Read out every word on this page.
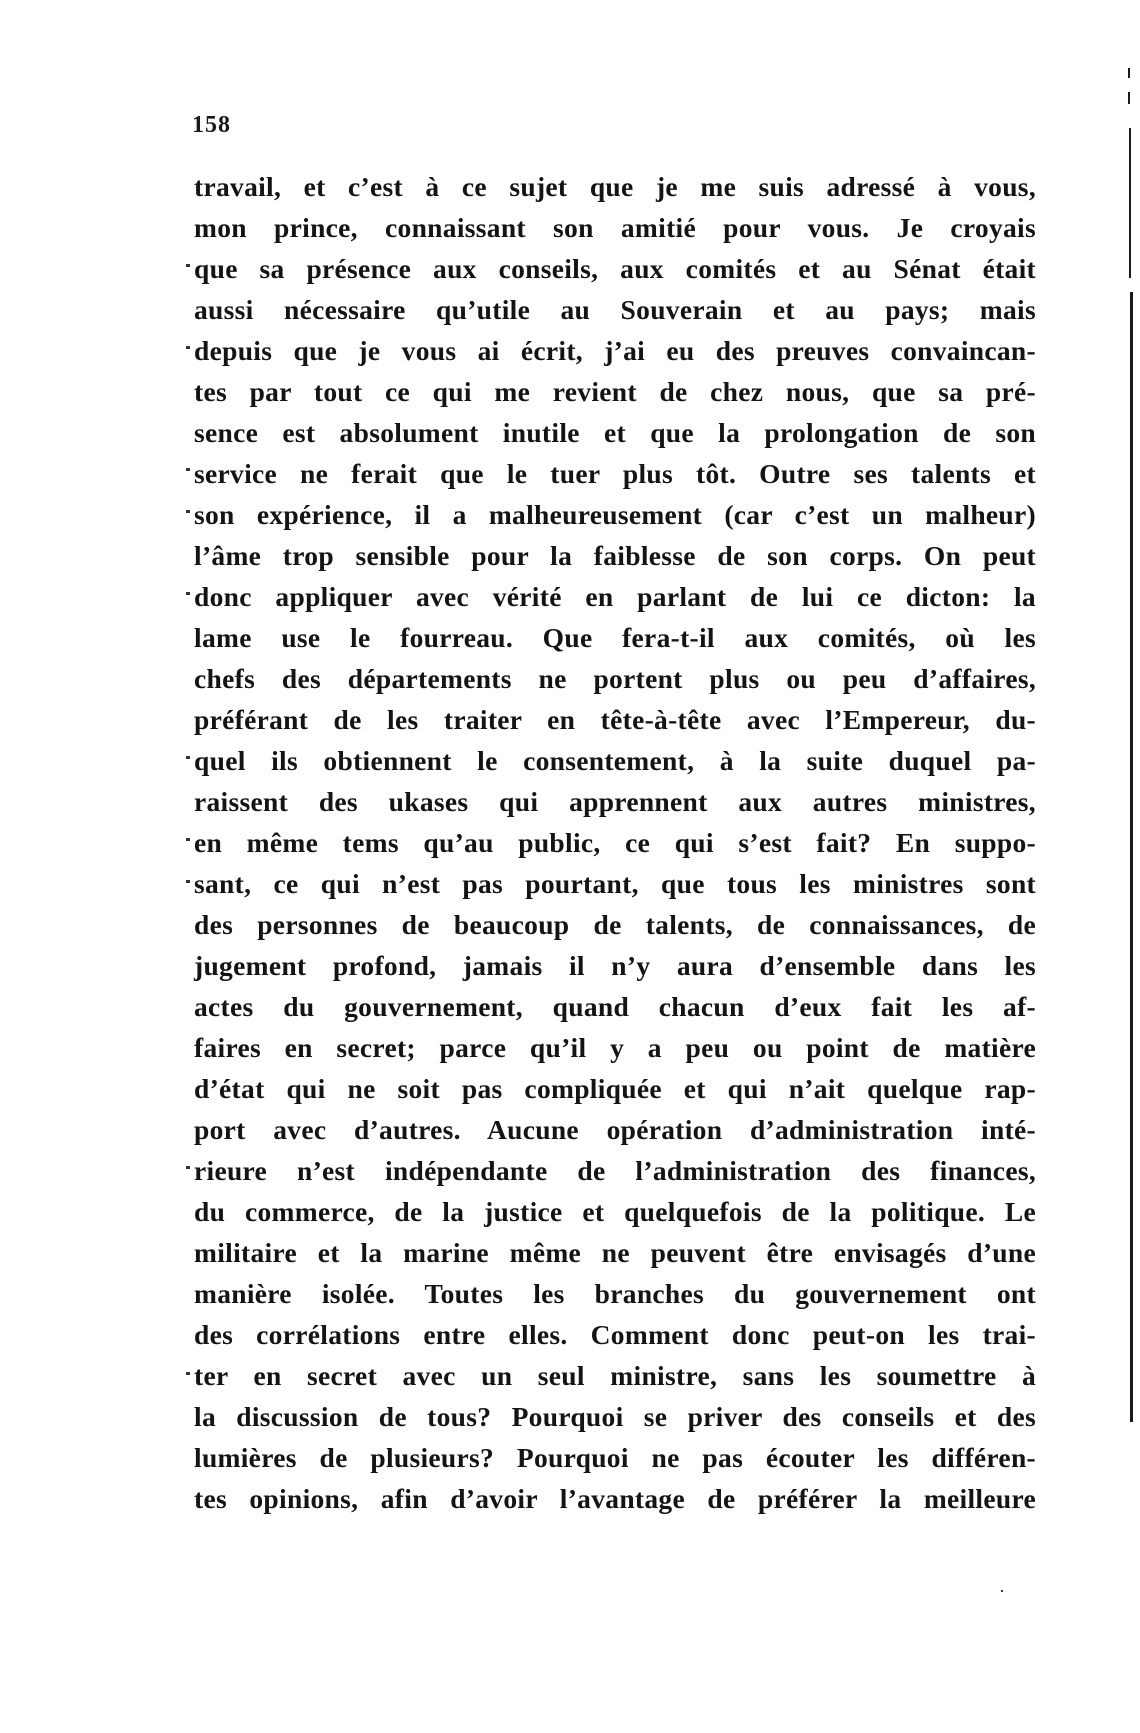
158
travail, et c’est à ce sujet que je me suis adressé à vous,
mon prince, connaissant son amitié pour vous. Je croyais
que sa présence aux conseils, aux comités et au Sénat était
aussi nécessaire qu’utile au Souverain et au pays; mais
depuis que je vous ai écrit, j’ai eu des preuves convaincan-
tes par tout ce qui me revient de chez nous, que sa pré-
sence est absolument inutile et que la prolongation de son
service ne ferait que le tuer plus tôt. Outre ses talents et
son expérience, il a malheureusement (car c’est un malheur)
l’âme trop sensible pour la faiblesse de son corps. On peut
donc appliquer avec vérité en parlant de lui ce dicton: la
lame use le fourreau. Que fera-t-il aux comités, où les
chefs des départements ne portent plus ou peu d’affaires,
préférant de les traiter en tête-à-tête avec l’Empereur, du-
quel ils obtiennent le consentement, à la suite duquel pa-
raissent des ukases qui apprennent aux autres ministres,
en même tems qu’au public, ce qui s’est fait? En suppo-
sant, ce qui n’est pas pourtant, que tous les ministres sont
des personnes de beaucoup de talents, de connaissances, de
jugement profond, jamais il n’y aura d’ensemble dans les
actes du gouvernement, quand chacun d’eux fait les af-
faires en secret; parce qu’il y a peu ou point de matière
d’état qui ne soit pas compliquée et qui n’ait quelque rap-
port avec d’autres. Aucune opération d’administration inté-
rieure n’est indépendante de l’administration des finances,
du commerce, de la justice et quelquefois de la politique. Le
militaire et la marine même ne peuvent être envisagés d’une
manière isolée. Toutes les branches du gouvernement ont
des corrélations entre elles. Comment donc peut-on les trai-
ter en secret avec un seul ministre, sans les soumettre à
la discussion de tous? Pourquoi se priver des conseils et des
lumières de plusieurs? Pourquoi ne pas écouter les différen-
tes opinions, afin d’avoir l’avantage de préférer la meilleure
